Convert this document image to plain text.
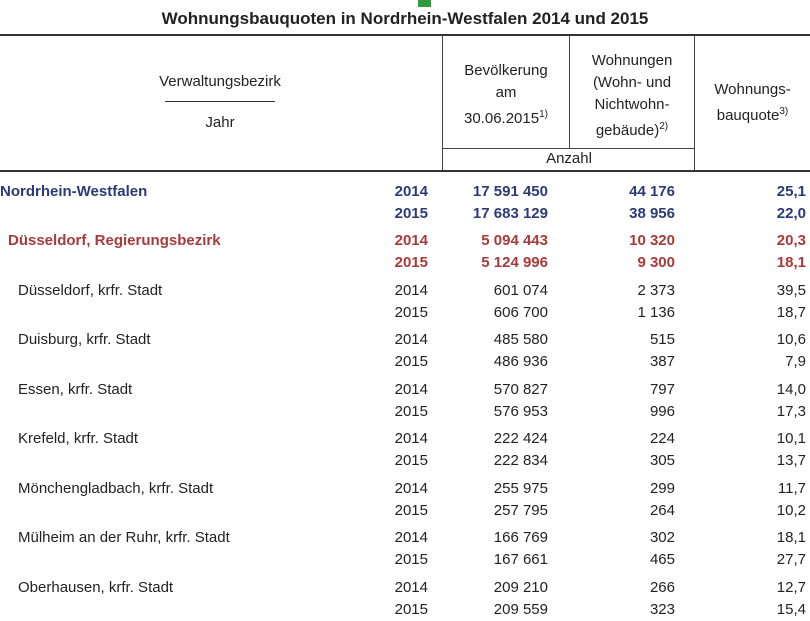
Wohnungsbauquoten in Nordrhein-Westfalen 2014 und 2015
Verwaltungsbezirk
Jahr
Bevölkerung
am
30.06.2015$^{1)}$
Wohnungen
(Wohn- und
Nichtwohn-
gebäude)$^{2)}$
Wohnungs-
bauquote$^{3)}$
Anzahl
Nordrhein-Westfalen	2014	17 591 450	44 176	25,1
2015	17 683 129	38 956	22,0
Düsseldorf, Regierungsbezirk	2014	5 094 443	10 320	20,3
2015	5 124 996	9 300	18,1
Düsseldorf, krfr. Stadt	2014	601 074	2 373	39,5
2015	606 700	1 136	18,7
Duisburg, krfr. Stadt	2014	485 580	515	10,6
2015	486 936	387	7,9
Essen, krfr. Stadt	2014	570 827	797	14,0
2015	576 953	996	17,3
Krefeld, krfr. Stadt	2014	222 424	224	10,1
2015	222 834	305	13,7
Mönchengladbach, krfr. Stadt	2014	255 975	299	11,7
2015	257 795	264	10,2
Mülheim an der Ruhr, krfr. Stadt	2014	166 769	302	18,1
2015	167 661	465	27,7
Oberhausen, krfr. Stadt	2014	209 210	266	12,7
2015	209 559	323	15,4
